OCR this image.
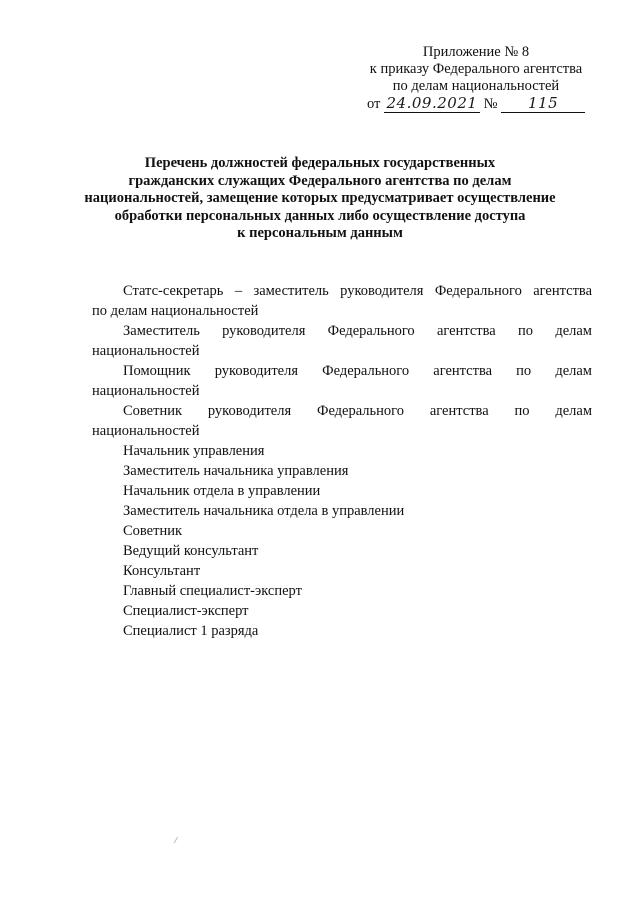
Приложение № 8
к приказу Федерального агентства
по делам национальностей
от 24.09.2021 № 115
Перечень должностей федеральных государственных
гражданских служащих Федерального агентства по делам
национальностей, замещение которых предусматривает осуществление
обработки персональных данных либо осуществление доступа
к персональным данным
Статс-секретарь – заместитель руководителя Федерального агентства
по делам национальностей
Заместитель руководителя Федерального агентства по делам
национальностей
Помощник руководителя Федерального агентства по делам
национальностей
Советник руководителя Федерального агентства по делам
национальностей
Начальник управления
Заместитель начальника управления
Начальник отдела в управлении
Заместитель начальника отдела в управлении
Советник
Ведущий консультант
Консультант
Главный специалист-эксперт
Специалист-эксперт
Специалист 1 разряда
